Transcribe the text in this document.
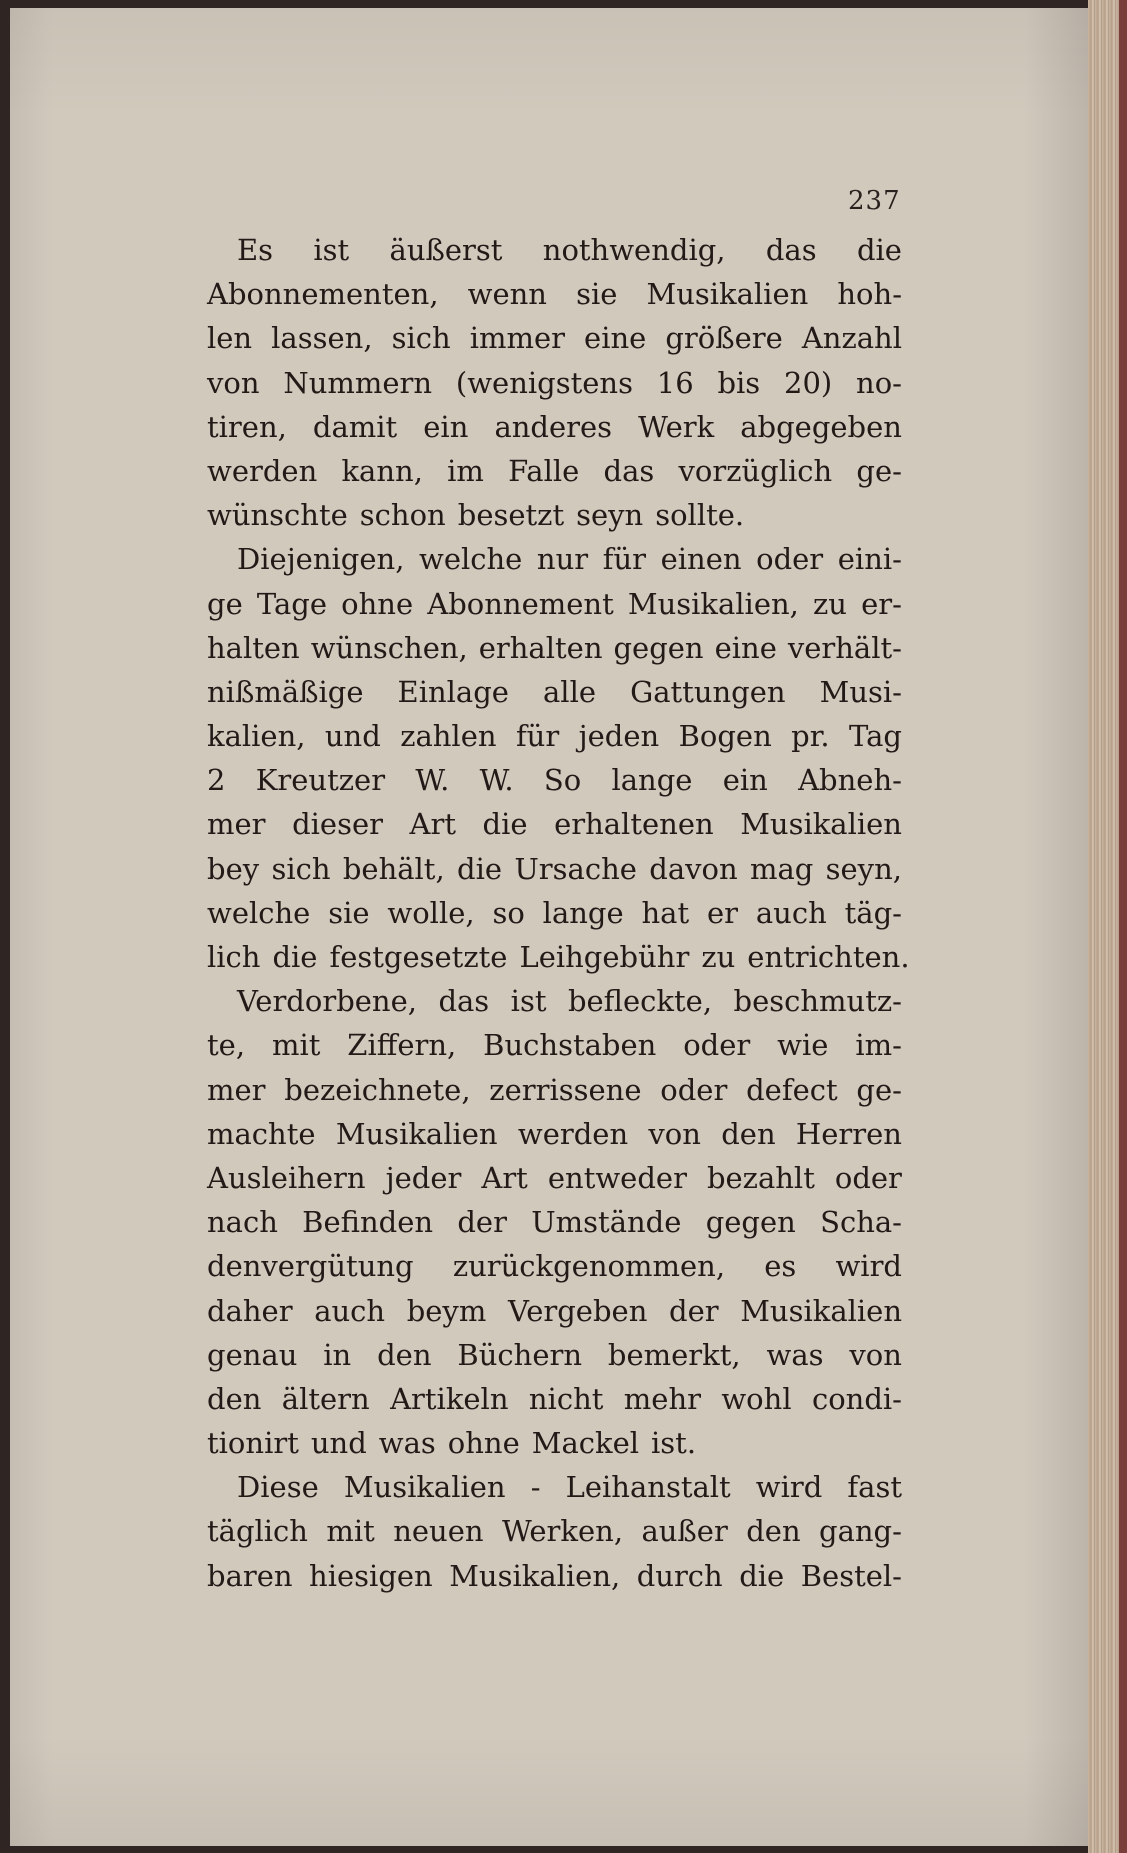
237
Es ist äußerst nothwendig, das die
Abonnementen, wenn sie Musikalien hoh-
len lassen, sich immer eine größere Anzahl
von Nummern (wenigstens 16 bis 20) no-
tiren, damit ein anderes Werk abgegeben
werden kann, im Falle das vorzüglich ge-
wünschte schon besetzt seyn sollte.
Diejenigen, welche nur für einen oder eini-
ge Tage ohne Abonnement Musikalien, zu er-
halten wünschen, erhalten gegen eine verhält-
nißmäßige Einlage alle Gattungen Musi-
kalien, und zahlen für jeden Bogen pr. Tag
2 Kreutzer W. W. So lange ein Abneh-
mer dieser Art die erhaltenen Musikalien
bey sich behält, die Ursache davon mag seyn,
welche sie wolle, so lange hat er auch täg-
lich die festgesetzte Leihgebühr zu entrichten.
Verdorbene, das ist befleckte, beschmutz-
te, mit Ziffern, Buchstaben oder wie im-
mer bezeichnete, zerrissene oder defect ge-
machte Musikalien werden von den Herren
Ausleihern jeder Art entweder bezahlt oder
nach Befinden der Umstände gegen Scha-
denvergütung zurückgenommen, es wird
daher auch beym Vergeben der Musikalien
genau in den Büchern bemerkt, was von
den ältern Artikeln nicht mehr wohl condi-
tionirt und was ohne Mackel ist.
Diese Musikalien - Leihanstalt wird fast
täglich mit neuen Werken, außer den gang-
baren hiesigen Musikalien, durch die Bestel-
